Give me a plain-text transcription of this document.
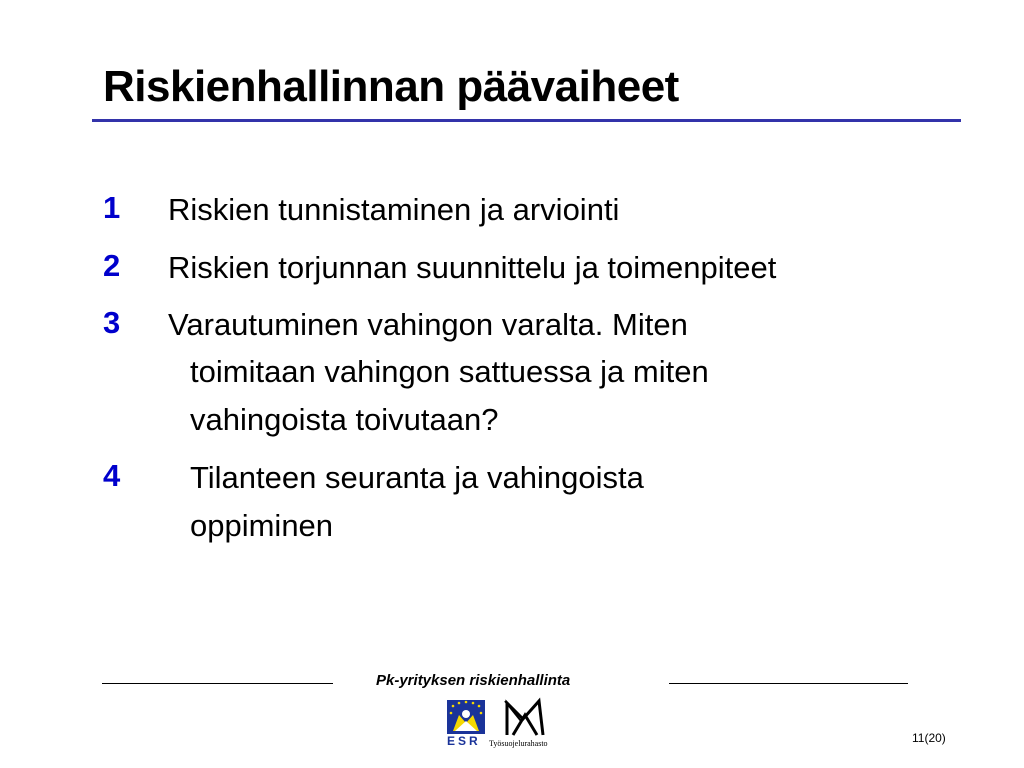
Riskienhallinnan päävaiheet
1 Riskien tunnistaminen ja arviointi
2 Riskien torjunnan suunnittelu ja toimenpiteet
3 Varautuminen vahingon varalta. Miten
toimitaan vahingon sattuessa ja miten
vahingoista toivutaan?
4 Tilanteen seuranta ja vahingoista
oppiminen
Pk-yrityksen riskienhallinta
ESR Työsuojelurahasto	11(20)
